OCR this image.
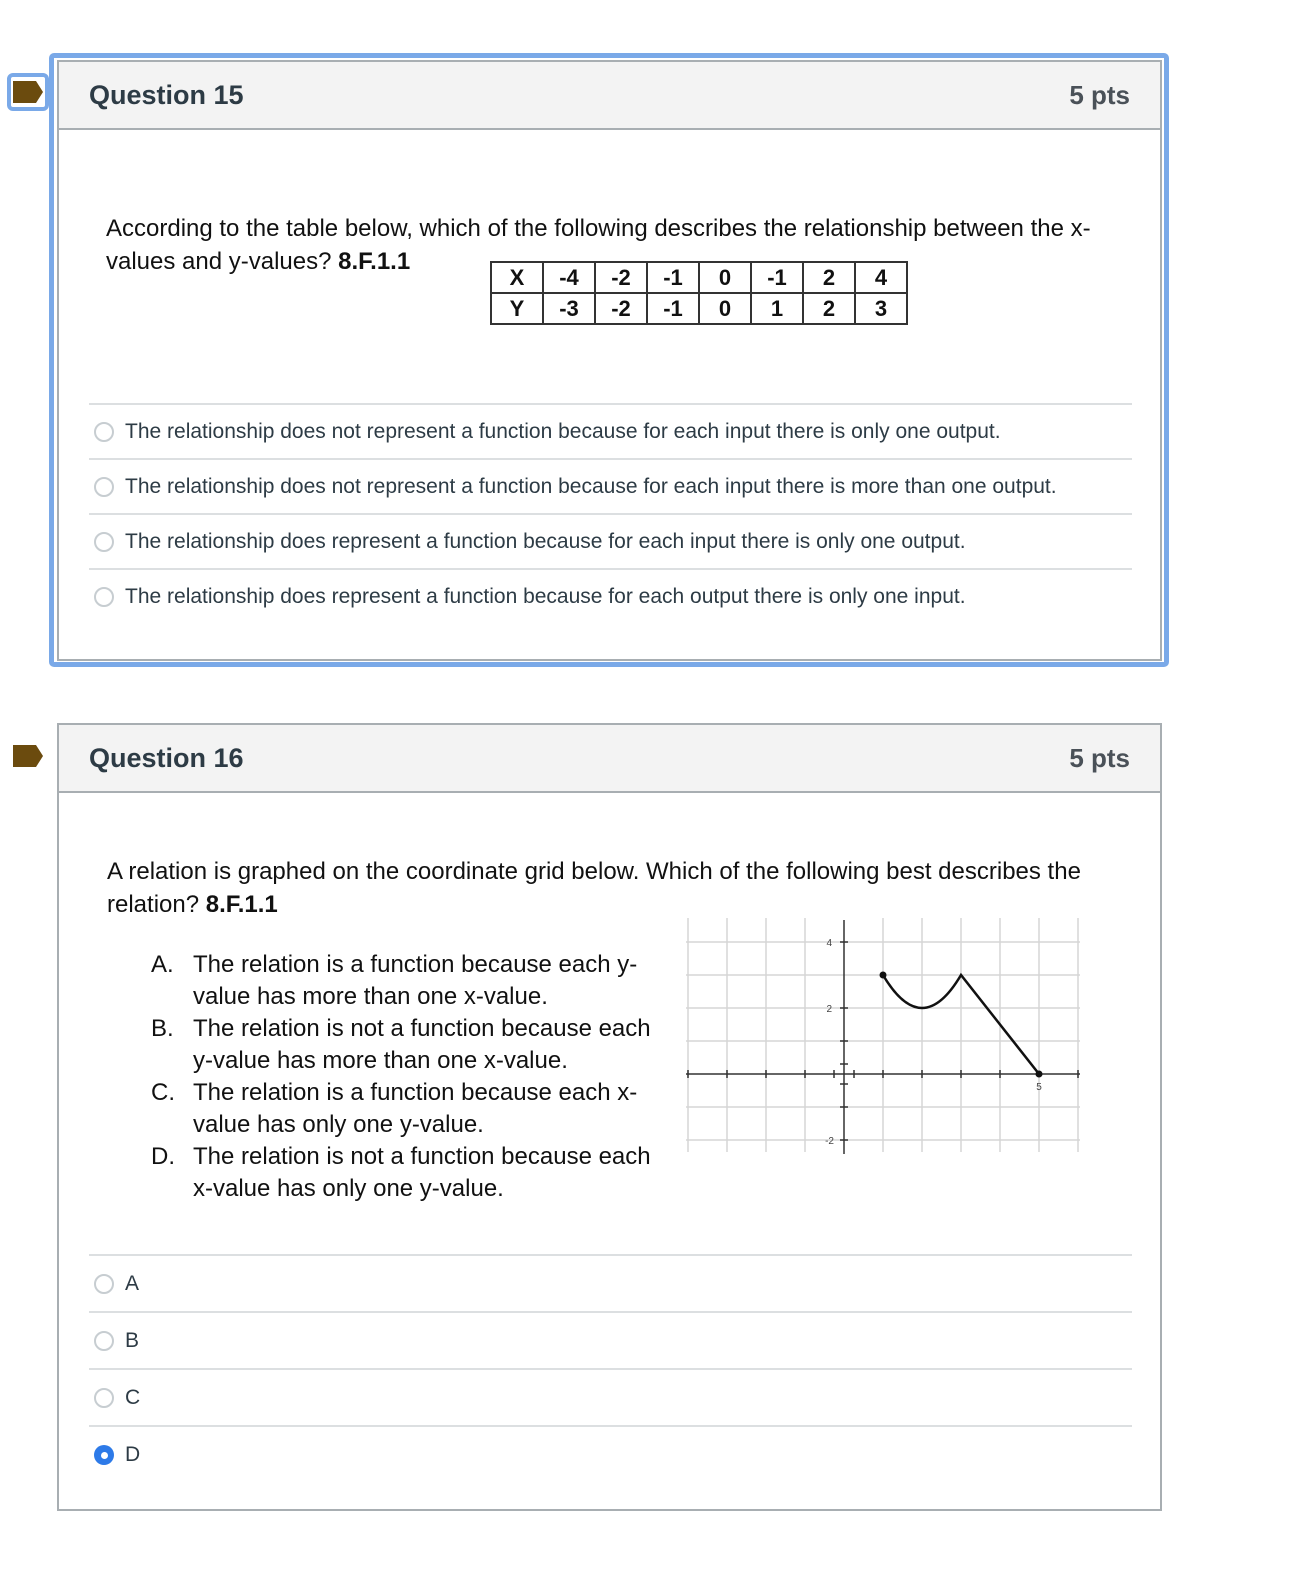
Question 15	5 pts
According to the table below, which of the following describes the relationship between the x-values and y-values? 8.F.1.1
X	-4	-2	-1	0	-1	2	4
Y	-3	-2	-1	0	1	2	3
The relationship does not represent a function because for each input there is only one output.
The relationship does not represent a function because for each input there is more than one output.
The relationship does represent a function because for each input there is only one output.
The relationship does represent a function because for each output there is only one input.
Question 16	5 pts
A relation is graphed on the coordinate grid below. Which of the following best describes the relation? 8.F.1.1
A. The relation is a function because each y-value has more than one x-value.
B. The relation is not a function because each y-value has more than one x-value.
C. The relation is a function because each x-value has only one y-value.
D. The relation is not a function because each x-value has only one y-value.
4
2
-2
5
A
B
C
D
